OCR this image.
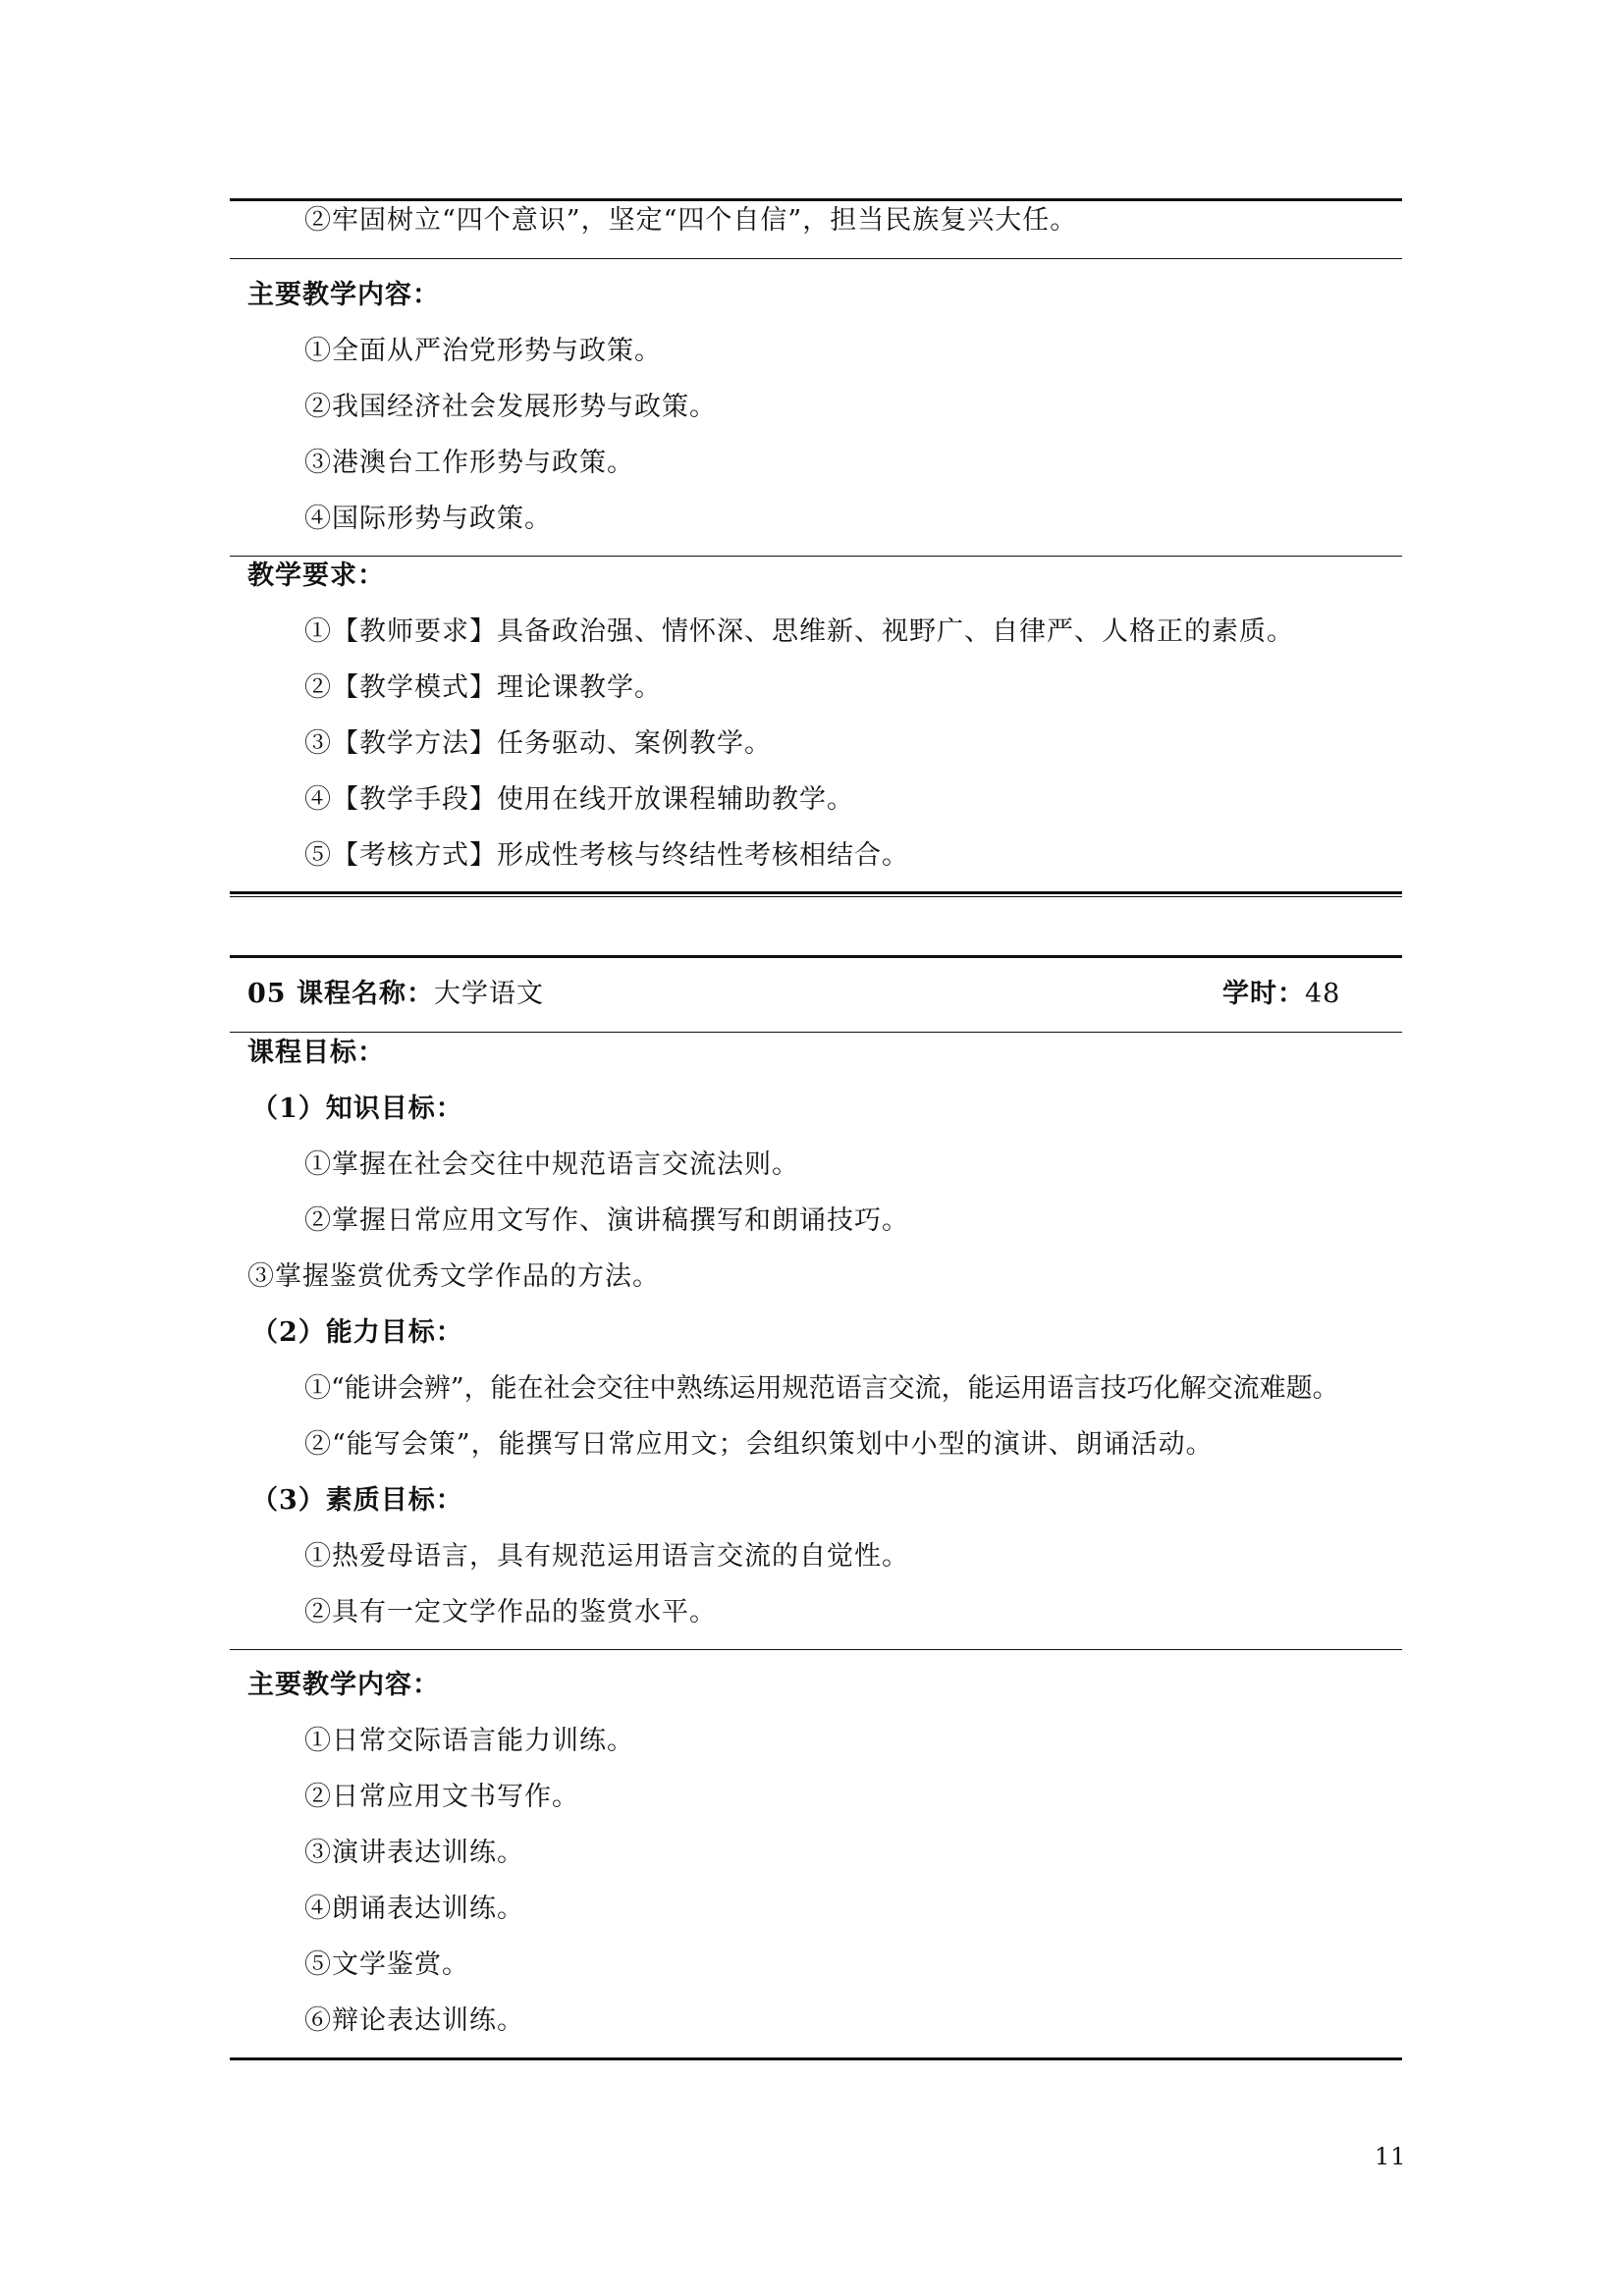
②牢固树立“四个意识”，坚定“四个自信”，担当民族复兴大任。
主要教学内容：
①全面从严治党形势与政策。
②我国经济社会发展形势与政策。
③港澳台工作形势与政策。
④国际形势与政策。
教学要求：
①【教师要求】具备政治强、情怀深、思维新、视野广、自律严、人格正的素质。
②【教学模式】理论课教学。
③【教学方法】任务驱动、案例教学。
④【教学手段】使用在线开放课程辅助教学。
⑤【考核方式】形成性考核与终结性考核相结合。
05 课程名称：大学语文	学时：48
课程目标：
（1）知识目标：
①掌握在社会交往中规范语言交流法则。
②掌握日常应用文写作、演讲稿撰写和朗诵技巧。
③掌握鉴赏优秀文学作品的方法。
（2）能力目标：
①“能讲会辨”，能在社会交往中熟练运用规范语言交流，能运用语言技巧化解交流难题。
②“能写会策”，能撰写日常应用文；会组织策划中小型的演讲、朗诵活动。
（3）素质目标：
①热爱母语言，具有规范运用语言交流的自觉性。
②具有一定文学作品的鉴赏水平。
主要教学内容：
①日常交际语言能力训练。
②日常应用文书写作。
③演讲表达训练。
④朗诵表达训练。
⑤文学鉴赏。
⑥辩论表达训练。
11
